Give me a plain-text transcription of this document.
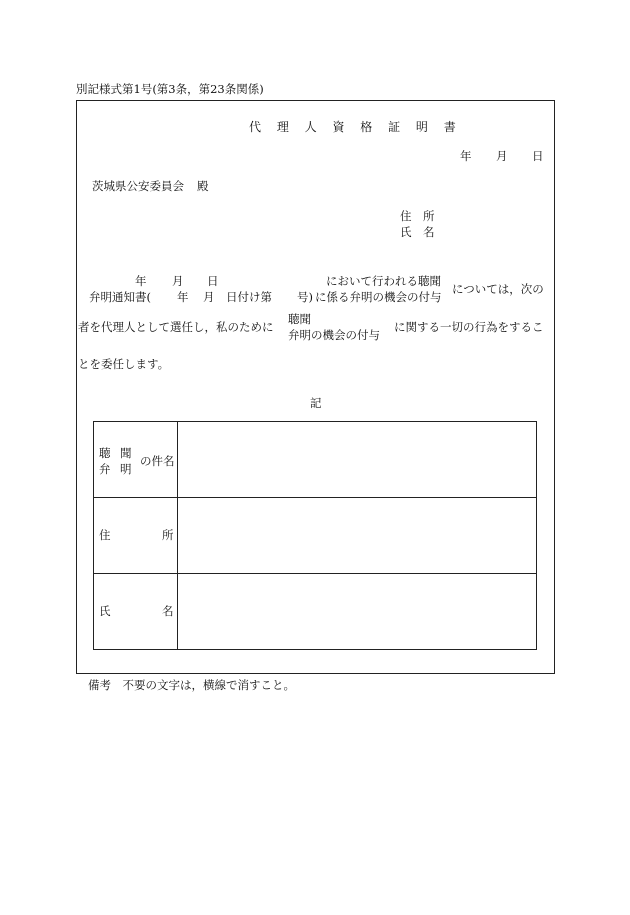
別記様式第1号(第3条，第23条関係)
代 理 人 資 格 証 明 書
年 月 日
茨城県公安委員会 殿
住　所
氏　名
年 月 日
弁明通知書( 年 月 日付け第 号)
において行われる聴聞
に係る弁明の機会の付与
については，次の
者を代理人として選任し，私のために
聴聞
弁明の機会の付与
に関する一切の行為をするこ
とを委任します。
記
聴 聞
弁 明
の件名	

住 所	

氏 名	

備考　不要の文字は，横線で消すこと。
